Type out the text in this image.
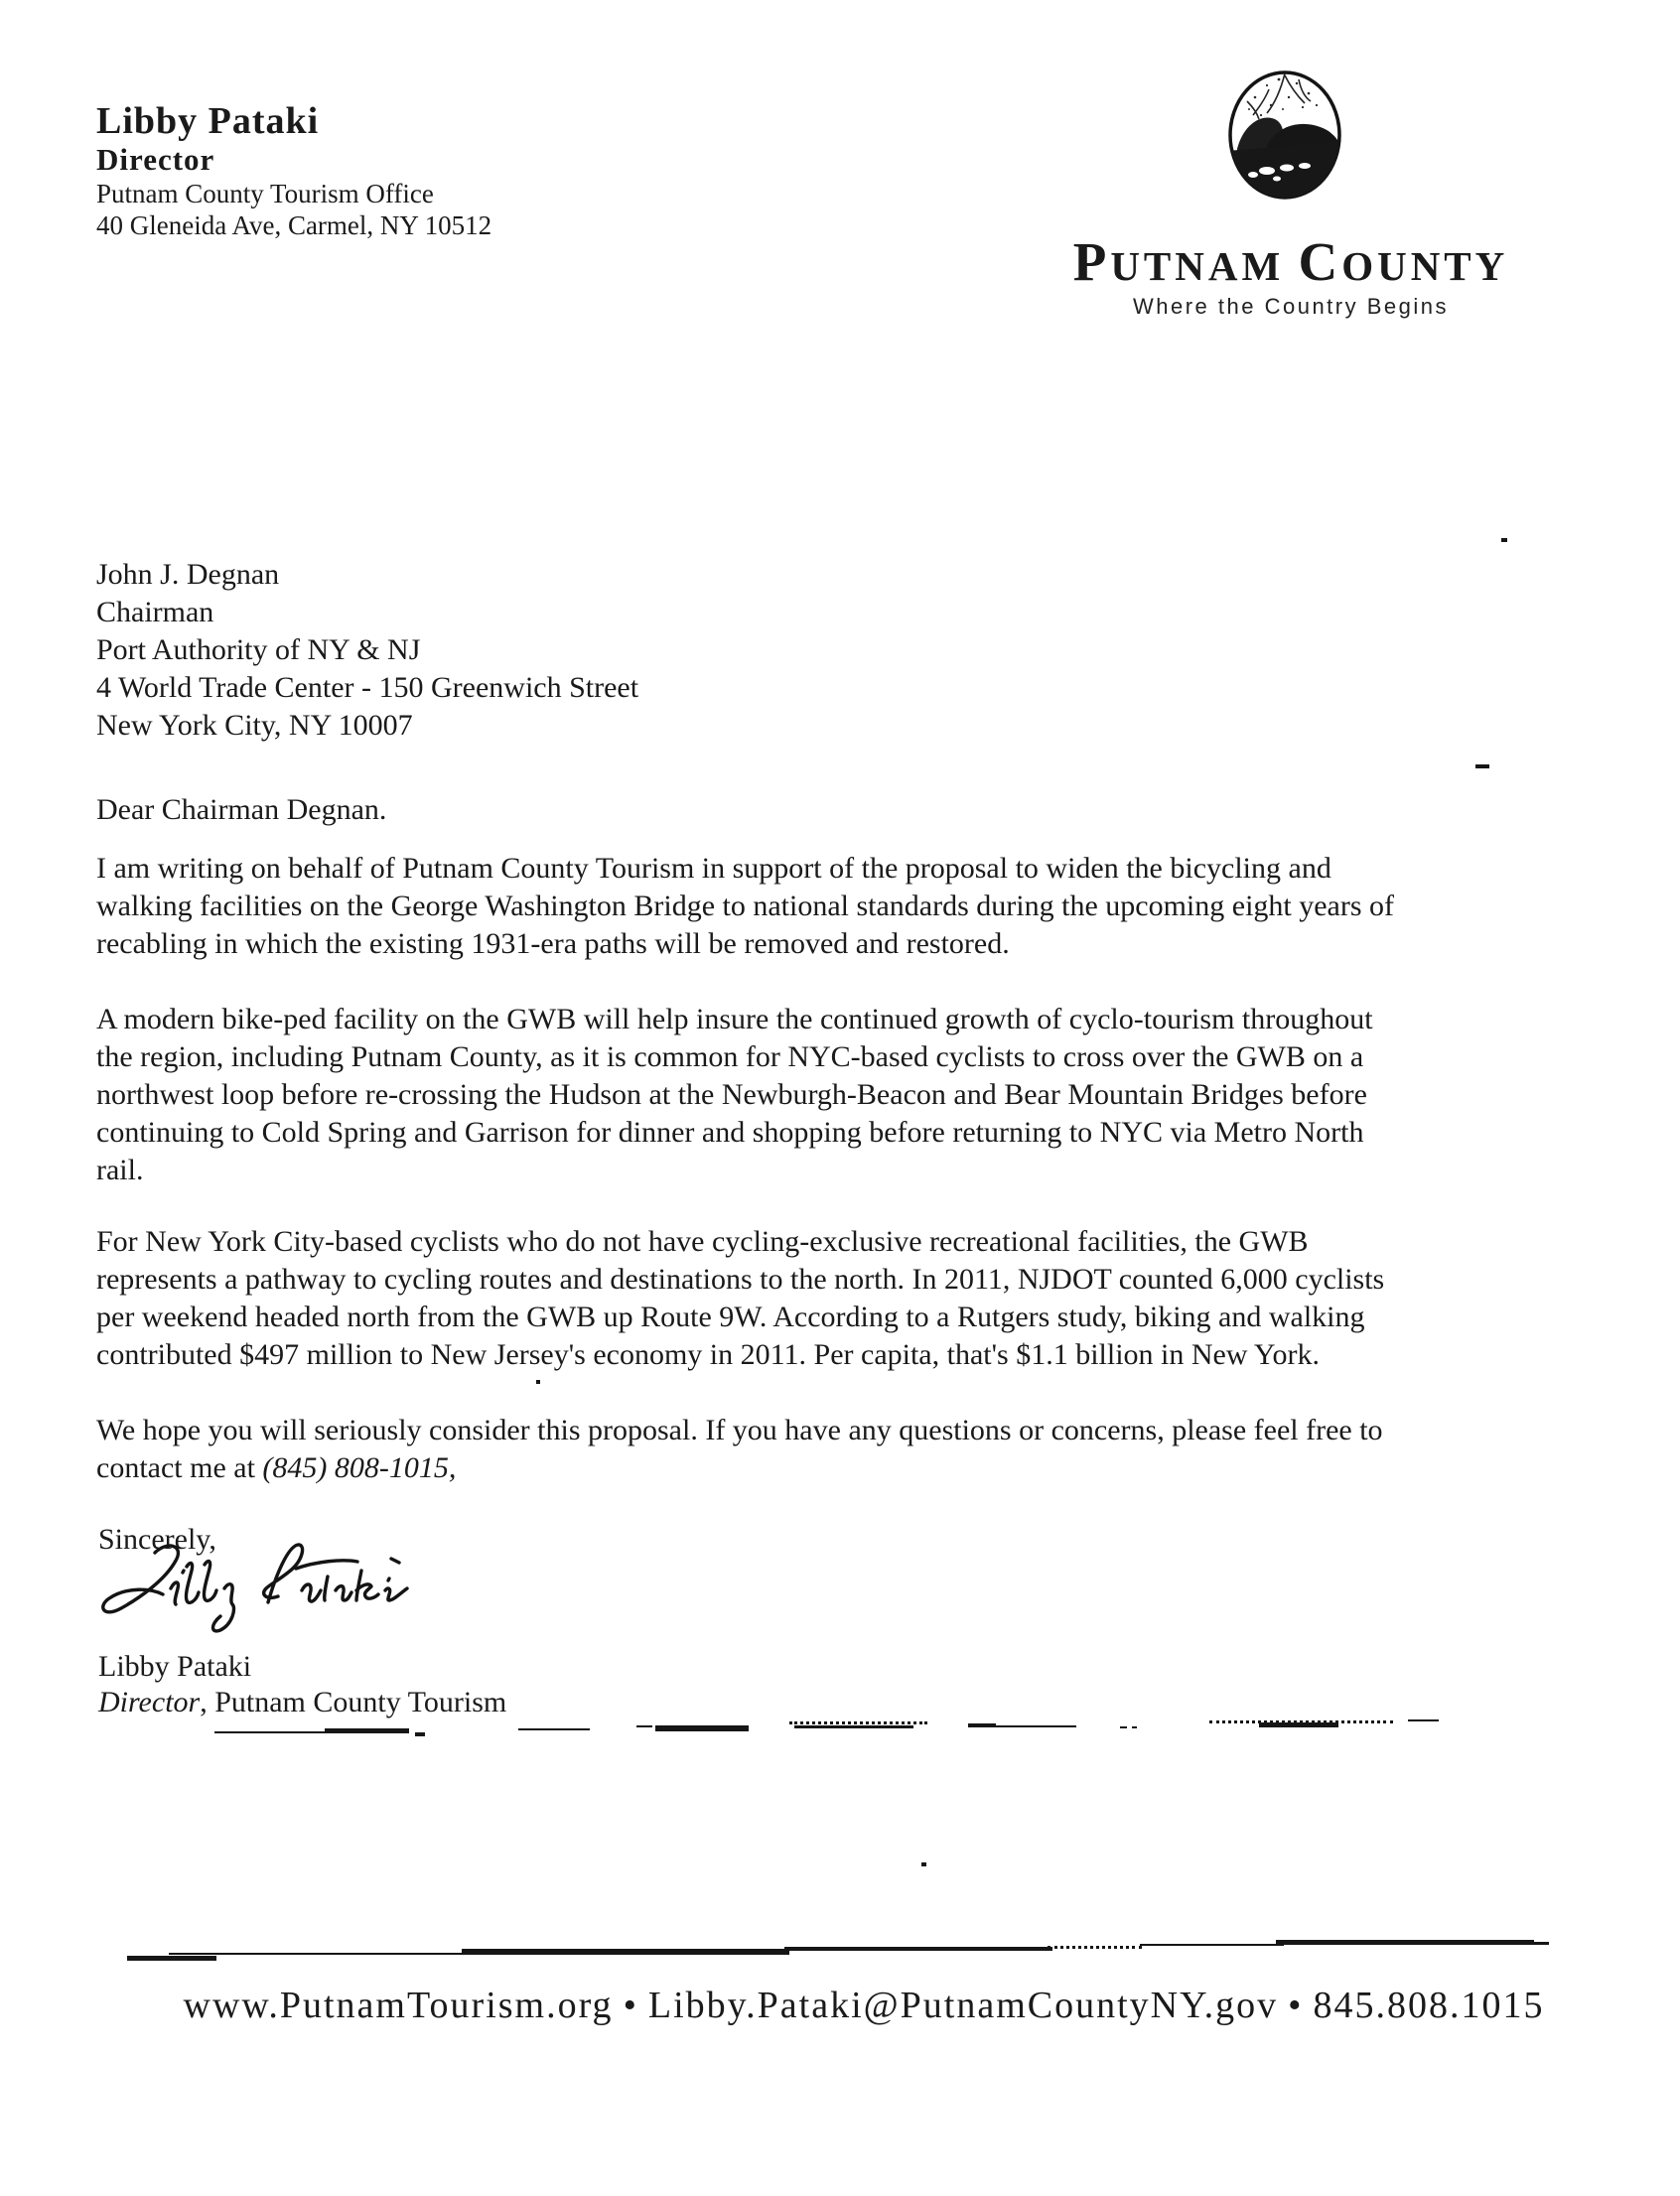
Libby Pataki
Director
Putnam County Tourism Office
40 Gleneida Ave, Carmel, NY 10512
PUTNAM COUNTY
Where the Country Begins
John J. Degnan
Chairman
Port Authority of NY & NJ
4 World Trade Center - 150 Greenwich Street
New York City, NY 10007
Dear Chairman Degnan.
I am writing on behalf of Putnam County Tourism in support of the proposal to widen the bicycling and
walking facilities on the George Washington Bridge to national standards during the upcoming eight years of
recabling in which the existing 1931-era paths will be removed and restored.
A modern bike-ped facility on the GWB will help insure the continued growth of cyclo-tourism throughout
the region, including Putnam County, as it is common for NYC-based cyclists to cross over the GWB on a
northwest loop before re-crossing the Hudson at the Newburgh-Beacon and Bear Mountain Bridges before
continuing to Cold Spring and Garrison for dinner and shopping before returning to NYC via Metro North
rail.
For New York City-based cyclists who do not have cycling-exclusive recreational facilities, the GWB
represents a pathway to cycling routes and destinations to the north. In 2011, NJDOT counted 6,000 cyclists
per weekend headed north from the GWB up Route 9W. According to a Rutgers study, biking and walking
contributed $497 million to New Jersey's economy in 2011. Per capita, that's $1.1 billion in New York.
We hope you will seriously consider this proposal. If you have any questions or concerns, please feel free to
contact me at (845) 808-1015,
Sincerely,
Libby Pataki
Director, Putnam County Tourism
www.PutnamTourism.org • Libby.Pataki@PutnamCountyNY.gov • 845.808.1015
